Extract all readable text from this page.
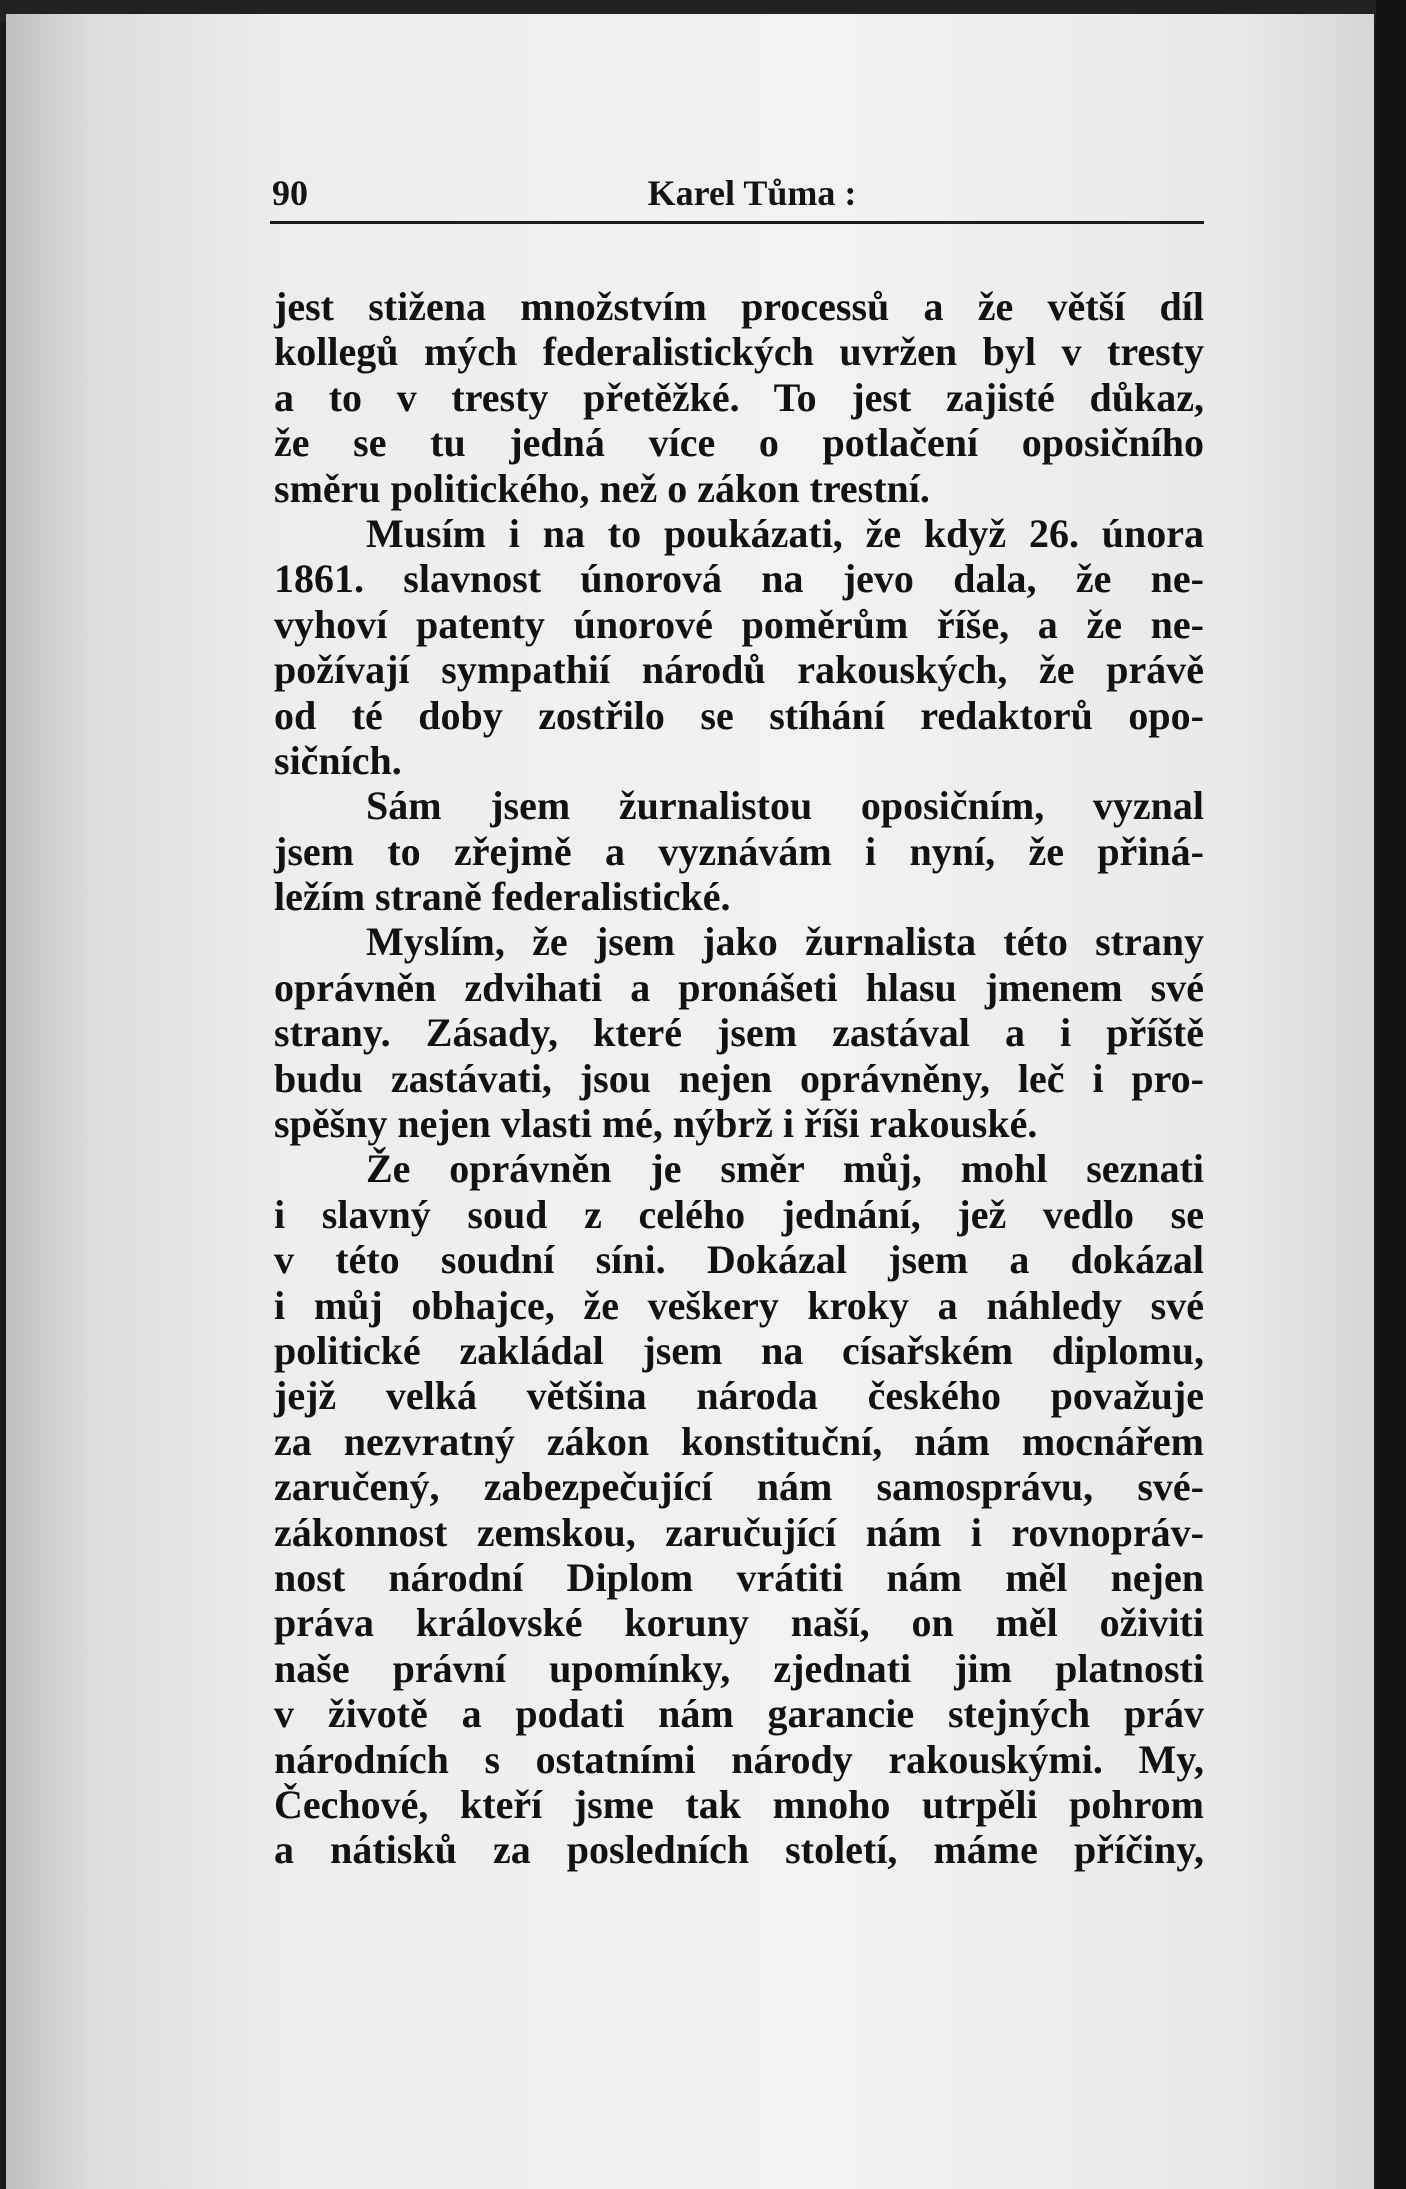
90	Karel Tůma :
jest stižena množstvím processů a že větší díl
kollegů mých federalistických uvržen byl v tresty
a to v tresty přetěžké. To jest zajisté důkaz,
že se tu jedná více o potlačení oposičního
směru politického, než o zákon trestní.
Musím i na to poukázati, že když 26. února
1861. slavnost únorová na jevo dala, že ne-
vyhoví patenty únorové poměrům říše, a že ne-
požívají sympathií národů rakouských, že právě
od té doby zostřilo se stíhání redaktorů opo-
sičních.
Sám jsem žurnalistou oposičním, vyznal
jsem to zřejmě a vyznávám i nyní, že přiná-
ležím straně federalistické.
Myslím, že jsem jako žurnalista této strany
oprávněn zdvihati a pronášeti hlasu jmenem své
strany. Zásady, které jsem zastával a i příště
budu zastávati, jsou nejen oprávněny, leč i pro-
spěšny nejen vlasti mé, nýbrž i říši rakouské.
Že oprávněn je směr můj, mohl seznati
i slavný soud z celého jednání, jež vedlo se
v této soudní síni. Dokázal jsem a dokázal
i můj obhajce, že veškery kroky a náhledy své
politické zakládal jsem na císařském diplomu,
jejž velká většina národa českého považuje
za nezvratný zákon konstituční, nám mocnářem
zaručený, zabezpečující nám samosprávu, své-
zákonnost zemskou, zaručující nám i rovnopráv-
nost národní Diplom vrátiti nám měl nejen
práva královské koruny naší, on měl oživiti
naše právní upomínky, zjednati jim platnosti
v životě a podati nám garancie stejných práv
národních s ostatními národy rakouskými. My,
Čechové, kteří jsme tak mnoho utrpěli pohrom
a nátisků za posledních století, máme příčiny,
